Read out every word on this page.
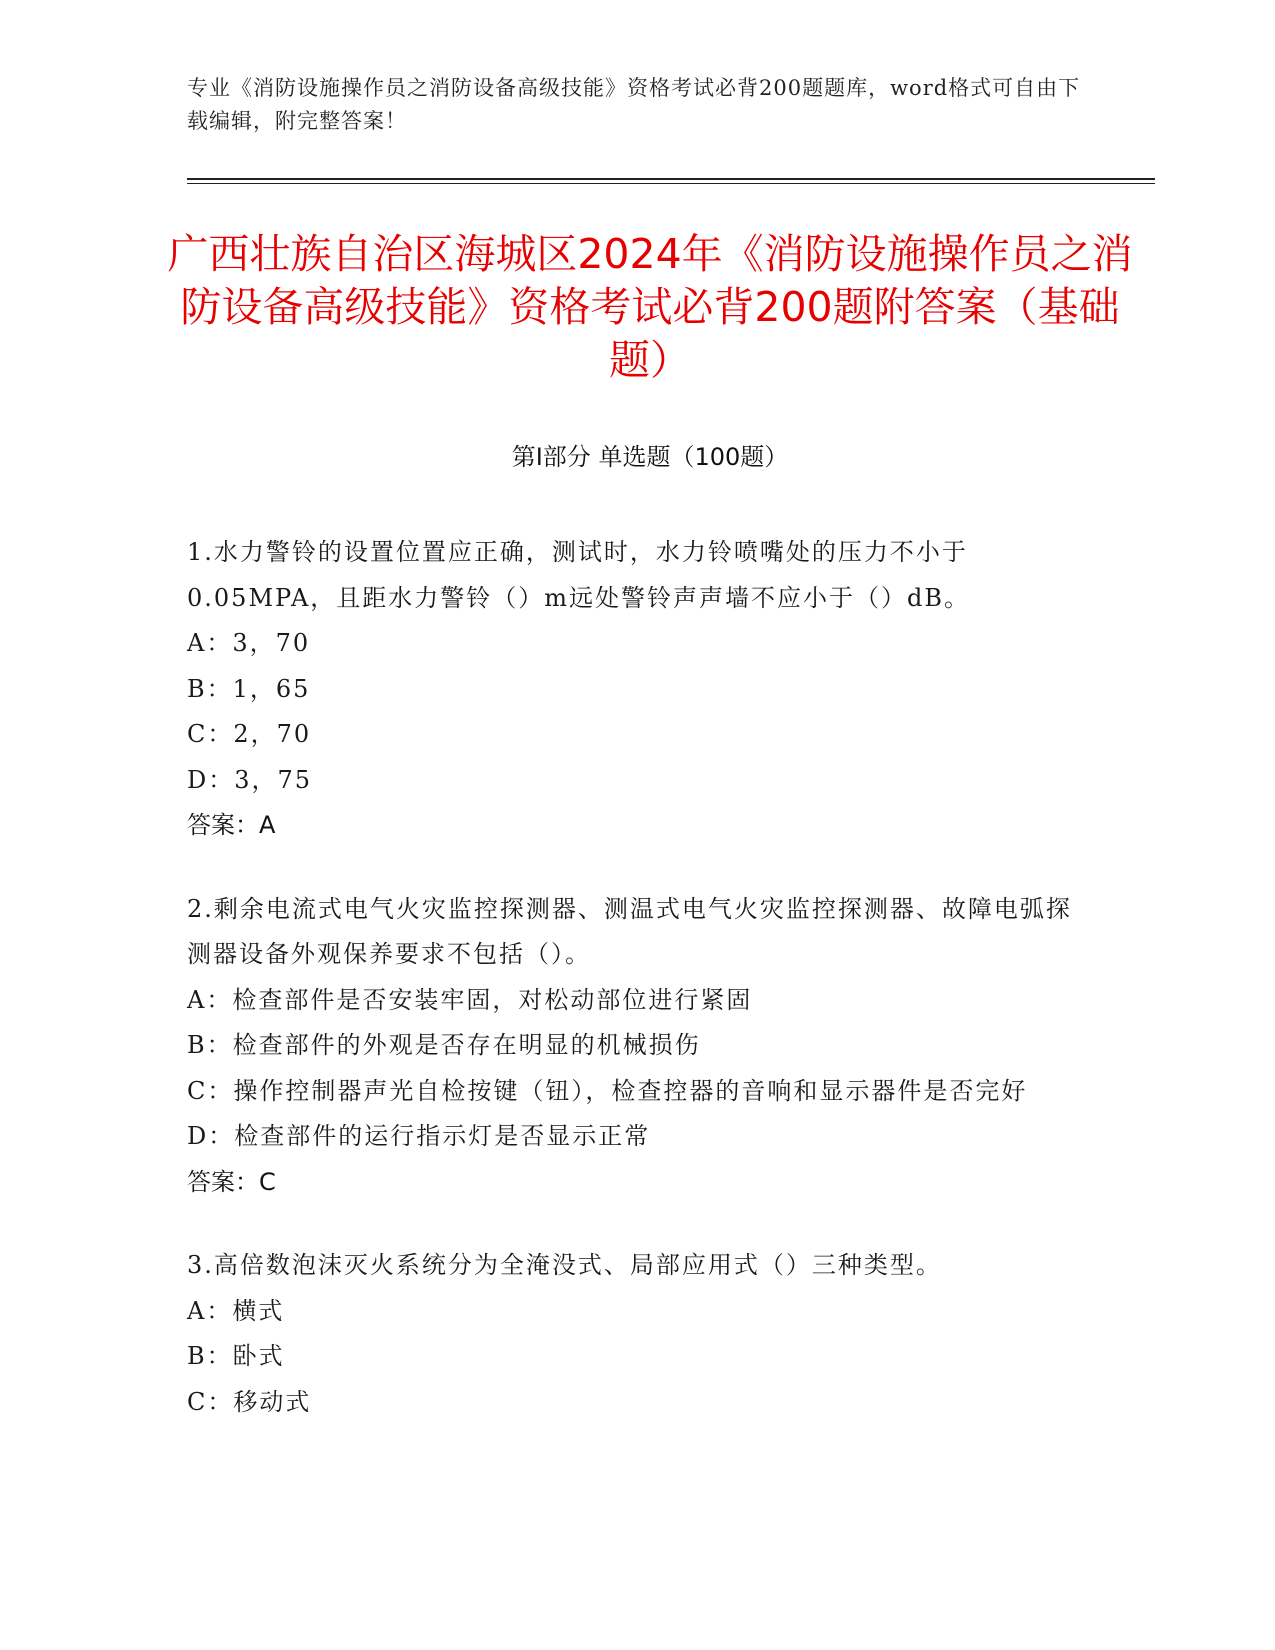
专业《消防设施操作员之消防设备高级技能》资格考试必背200题题库，word格式可自由下载编辑，附完整答案！
广西壮族自治区海城区2024年《消防设施操作员之消防设备高级技能》资格考试必背200题附答案（基础题）
第Ⅰ部分 单选题（100题）
1.水力警铃的设置位置应正确，测试时，水力铃喷嘴处的压力不小于0.05MPA，且距水力警铃（）m远处警铃声声墙不应小于（）dB。
A：3，70
B：1，65
C：2，70
D：3，75
答案：A
2.剩余电流式电气火灾监控探测器、测温式电气火灾监控探测器、故障电弧探测器设备外观保养要求不包括（）。
A：检查部件是否安装牢固，对松动部位进行紧固
B：检查部件的外观是否存在明显的机械损伤
C：操作控制器声光自检按键（钮），检查控器的音响和显示器件是否完好
D：检查部件的运行指示灯是否显示正常
答案：C
3.高倍数泡沫灭火系统分为全淹没式、局部应用式（）三种类型。
A：横式
B：卧式
C：移动式
